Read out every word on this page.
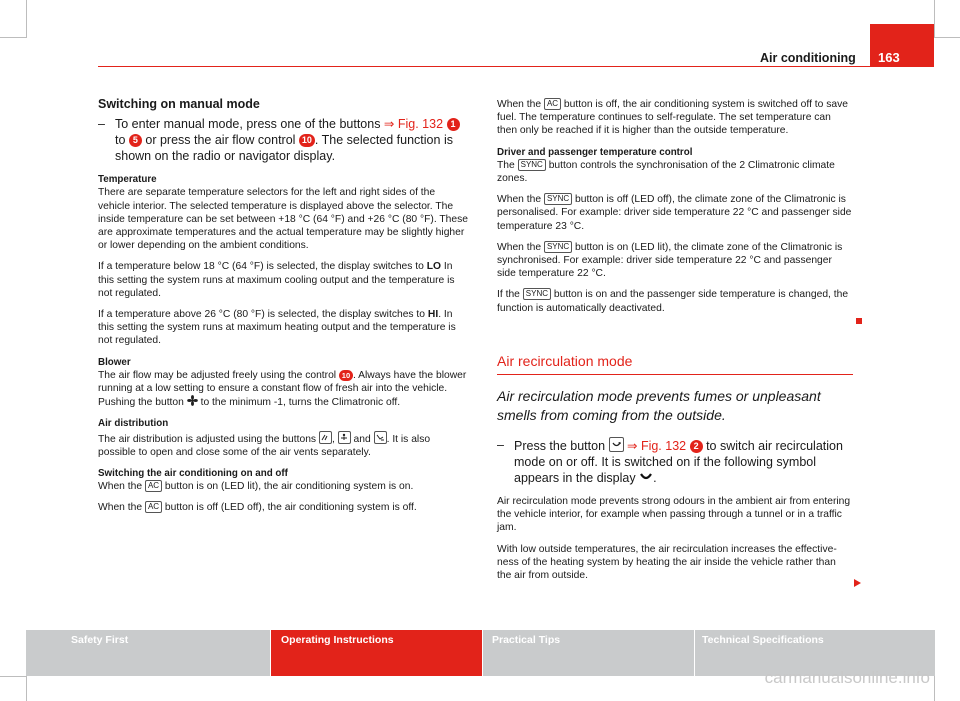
Air conditioning	163
Switching on manual mode
– To enter manual mode, press one of the buttons ⇒ Fig. 132 1 to 5 or press the air flow control 10 . The selected function is shown on the radio or navigator display.
Temperature

There are separate temperature selectors for the left and right sides of the vehicle interior. The selected temperature is displayed above the selector. The inside temperature can be set between +18 °C (64 °F) and +26 °C (80 °F). These are approximate temperatures and the actual temperature may be slightly higher or lower depending on the ambient conditions.

If a temperature below 18 °C (64 °F) is selected, the display switches to LO In this setting the system runs at maximum cooling output and the temperature is not regulated.

If a temperature above 26 °C (80 °F) is selected, the display switches to HI. In this setting the system runs at maximum heating output and the temperature is not regulated.

Blower

The air flow may be adjusted freely using the control 10 . Always have the blower running at a low setting to ensure a constant flow of fresh air into the vehicle. Pushing the button  to the minimum -1, turns the Climatronic off.

Air distribution

The air distribution is adjusted using the buttons ,  and . It is also possible to open and close some of the air vents separately.

Switching the air conditioning on and off

When the AC button is on (LED lit), the air conditioning system is on.

When the AC button is off (LED off), the air conditioning system is off.

When the AC button is off, the air conditioning system is switched off to save fuel. The temperature continues to self-regulate. The set temperature can then only be reached if it is higher than the outside temperature.

Driver and passenger temperature control

The SYNC button controls the synchronisation of the 2 Climatronic climate zones.

When the SYNC button is off (LED off), the climate zone of the Climatronic is personalised. For example: driver side temperature 22 °C and passenger side temperature 23 °C.

When the SYNC button is on (LED lit), the climate zone of the Climatronic is synchronised. For example: driver side temperature 22 °C and passenger side temperature 22 °C.

If the SYNC button is on and the passenger side temperature is changed, the function is automatically deactivated.

Air recirculation mode
Air recirculation mode prevents fumes or unpleasant smells from coming from the outside.
– Press the button  ⇒ Fig. 132 2 to switch air recirculation mode on or off. It is switched on if the following symbol appears in the display .

Air recirculation mode prevents strong odours in the ambient air from entering the vehicle interior, for example when passing through a tunnel or in a traffic jam.

With low outside temperatures, the air recirculation increases the effectiveness of the heating system by heating the air inside the vehicle rather than the air from outside.

Safety First	Operating Instructions	Practical Tips	Technical Specifications
carmanualsonline.info
